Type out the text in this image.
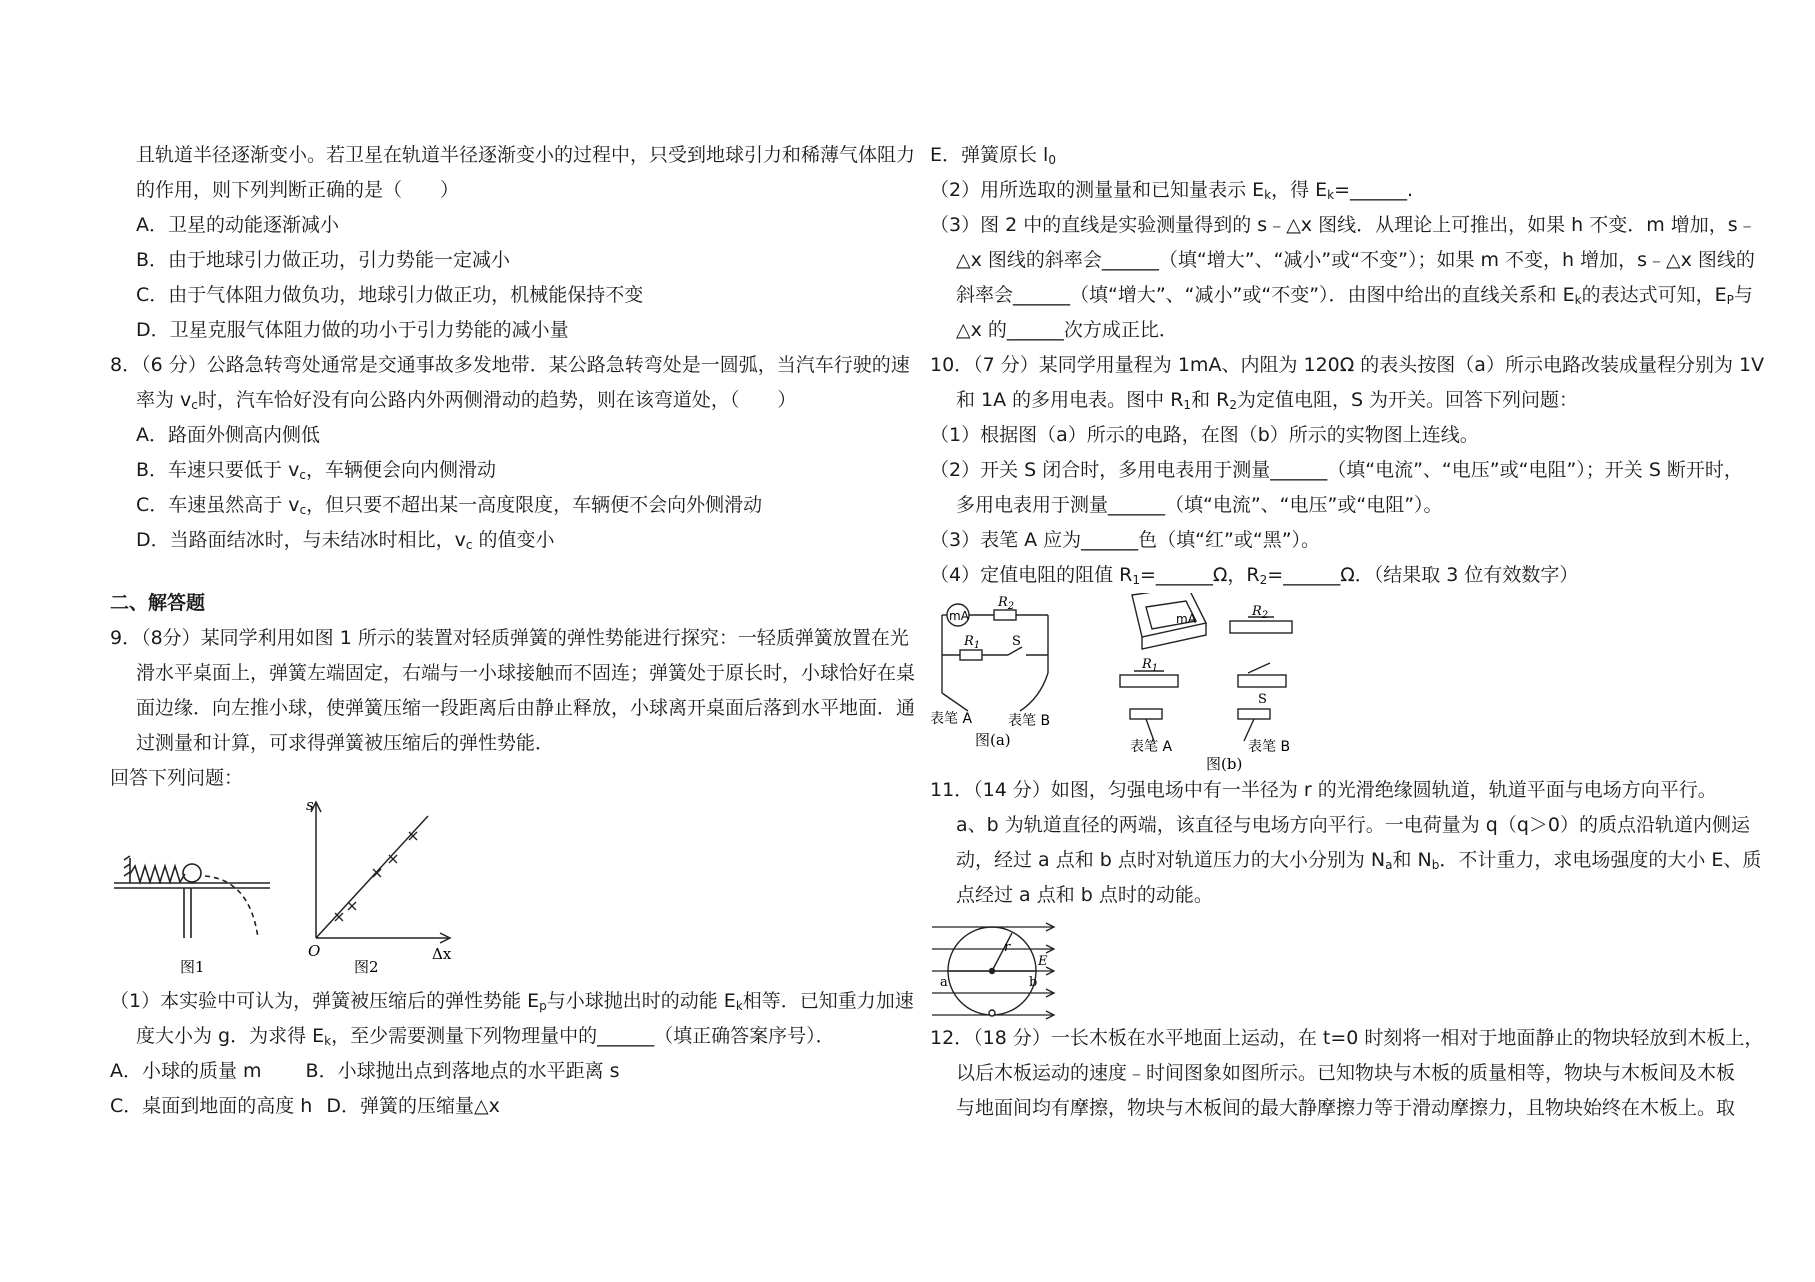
且轨道半径逐渐变小。若卫星在轨道半径逐渐变小的过程中，只受到地球引力和稀薄气体阻力
的作用，则下列判断正确的是（　　）
A．卫星的动能逐渐减小
B．由于地球引力做正功，引力势能一定减小
C．由于气体阻力做负功，地球引力做正功，机械能保持不变
D．卫星克服气体阻力做的功小于引力势能的减小量
8．（6 分）公路急转弯处通常是交通事故多发地带．某公路急转弯处是一圆弧，当汽车行驶的速
率为 $v_c$时，汽车恰好没有向公路内外两侧滑动的趋势，则在该弯道处，（　　）
A．路面外侧高内侧低
B．车速只要低于 $v_c$，车辆便会向内侧滑动
C．车速虽然高于 $v_c$，但只要不超出某一高度限度，车辆便不会向外侧滑动
D．当路面结冰时，与未结冰时相比，$v_c$ 的值变小
二、解答题
9．（8分）某同学利用如图 1 所示的装置对轻质弹簧的弹性势能进行探究：一轻质弹簧放置在光
滑水平桌面上，弹簧左端固定，右端与一小球接触而不固连；弹簧处于原长时，小球恰好在桌
面边缘．向左推小球，使弹簧压缩一段距离后由静止释放，小球离开桌面后落到水平地面．通
过测量和计算，可求得弹簧被压缩后的弹性势能．
回答下列问题：
图1
s
O	Δx
图2
（1）本实验中可认为，弹簧被压缩后的弹性势能 $E_p$与小球抛出时的动能 $E_k$相等．已知重力加速
度大小为 g．为求得 $E_k$，至少需要测量下列物理量中的______（填正确答案序号）．
A．小球的质量 m B．小球抛出点到落地点的水平距离 s
C．桌面到地面的高度 h D．弹簧的压缩量△x
E．弹簧原长 $l_0$
（2）用所选取的测量量和已知量表示 $E_k$，得 $E_k=\_\_\_\_\_\_$.
（3）图 2 中的直线是实验测量得到的 s﹣△x 图线．从理论上可推出，如果 h 不变．m 增加，s﹣
△x 图线的斜率会______（填“增大”、“减小”或“不变”）；如果 m 不变，h 增加，s﹣△x 图线的
斜率会______（填“增大”、“减小”或“不变”）．由图中给出的直线关系和 $E_k$的表达式可知，$E_P$与
△x 的______次方成正比．
10．（7 分）某同学用量程为 1mA、内阻为 120Ω 的表头按图（a）所示电路改装成量程分别为 1V
和 1A 的多用电表。图中 $R_1$和 $R_2$为定值电阻，S 为开关。回答下列问题：
（1）根据图（a）所示的电路，在图（b）所示的实物图上连线。
（2）开关 S 闭合时，多用电表用于测量______（填“电流”、“电压”或“电阻”）；开关 S 断开时，
多用电表用于测量______（填“电流”、“电压”或“电阻”）。
（3）表笔 A 应为______色（填“红”或“黑”）。
（4）定值电阻的阻值 $R_1=\_\_\_\_\_\_\Omega$，$R_2=\_\_\_\_\_\_\Omega$．（结果取 3 位有效数字）
mA
$R_2$
$R_1$ S
表笔 A	表笔 B
图(a)
mA	$R_2$
$R_1$
S
表笔 A	表笔 B
图(b)
11．（14 分）如图，匀强电场中有一半径为 r 的光滑绝缘圆轨道，轨道平面与电场方向平行。
a、b 为轨道直径的两端，该直径与电场方向平行。一电荷量为 q（q＞0）的质点沿轨道内侧运
动，经过 a 点和 b 点时对轨道压力的大小分别为 $N_a$和 $N_b$．不计重力，求电场强度的大小 E、质
点经过 a 点和 b 点时的动能。
a	b
r
E
12．（18 分）一长木板在水平地面上运动，在 t=0 时刻将一相对于地面静止的物块轻放到木板上，
以后木板运动的速度﹣时间图象如图所示。已知物块与木板的质量相等，物块与木板间及木板
与地面间均有摩擦，物块与木板间的最大静摩擦力等于滑动摩擦力，且物块始终在木板上。取
